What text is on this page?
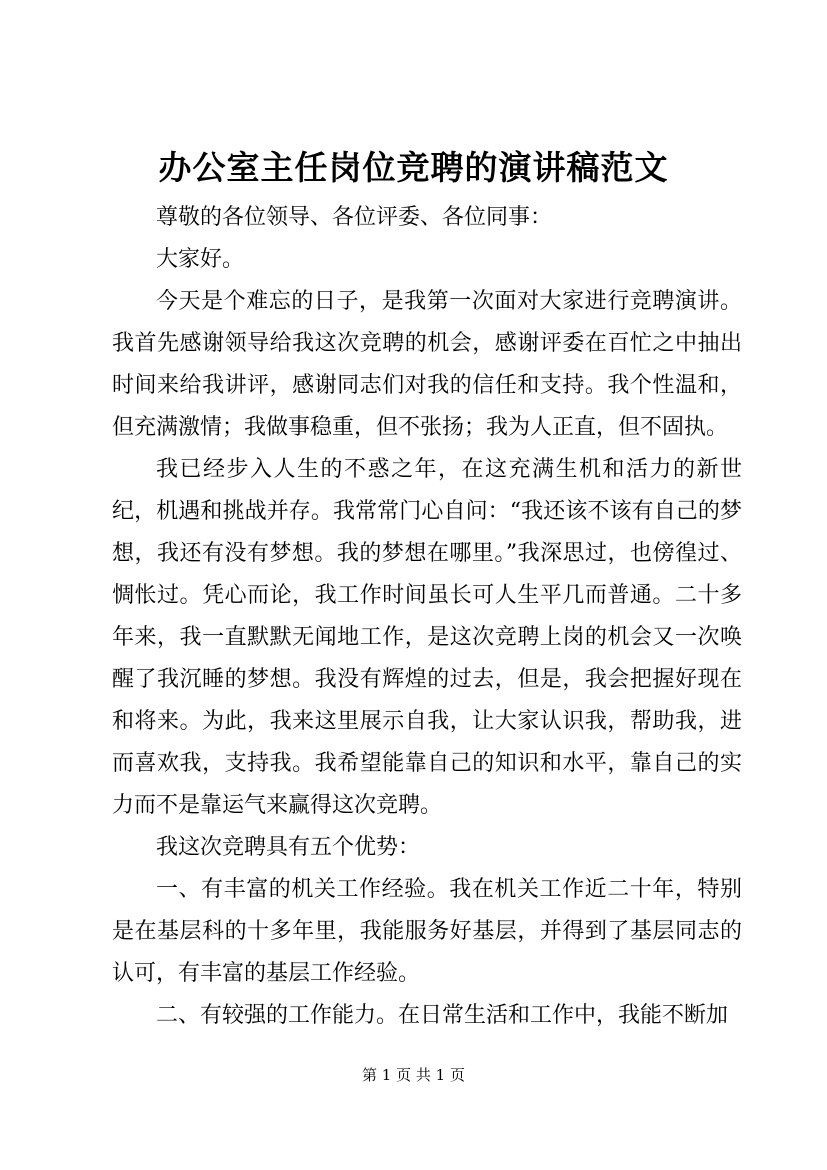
办公室主任岗位竞聘的演讲稿范文

尊敬的各位领导、各位评委、各位同事：

大家好。

今天是个难忘的日子，是我第一次面对大家进行竞聘演讲。我首先感谢领导给我这次竞聘的机会，感谢评委在百忙之中抽出时间来给我讲评，感谢同志们对我的信任和支持。我个性温和，但充满激情；我做事稳重，但不张扬；我为人正直，但不固执。

我已经步入人生的不惑之年，在这充满生机和活力的新世纪，机遇和挑战并存。我常常门心自问：“我还该不该有自己的梦想，我还有没有梦想。我的梦想在哪里。”我深思过，也傍徨过、惆怅过。凭心而论，我工作时间虽长可人生平几而普通。二十多年来，我一直默默无闻地工作，是这次竞聘上岗的机会又一次唤醒了我沉睡的梦想。我没有辉煌的过去，但是，我会把握好现在和将来。为此，我来这里展示自我，让大家认识我，帮助我，进而喜欢我，支持我。我希望能靠自己的知识和水平，靠自己的实力而不是靠运气来赢得这次竞聘。

我这次竞聘具有五个优势：

一、有丰富的机关工作经验。我在机关工作近二十年，特别是在基层科的十多年里，我能服务好基层，并得到了基层同志的认可，有丰富的基层工作经验。

二、有较强的工作能力。在日常生活和工作中，我能不断加

第 1 页 共 1 页
